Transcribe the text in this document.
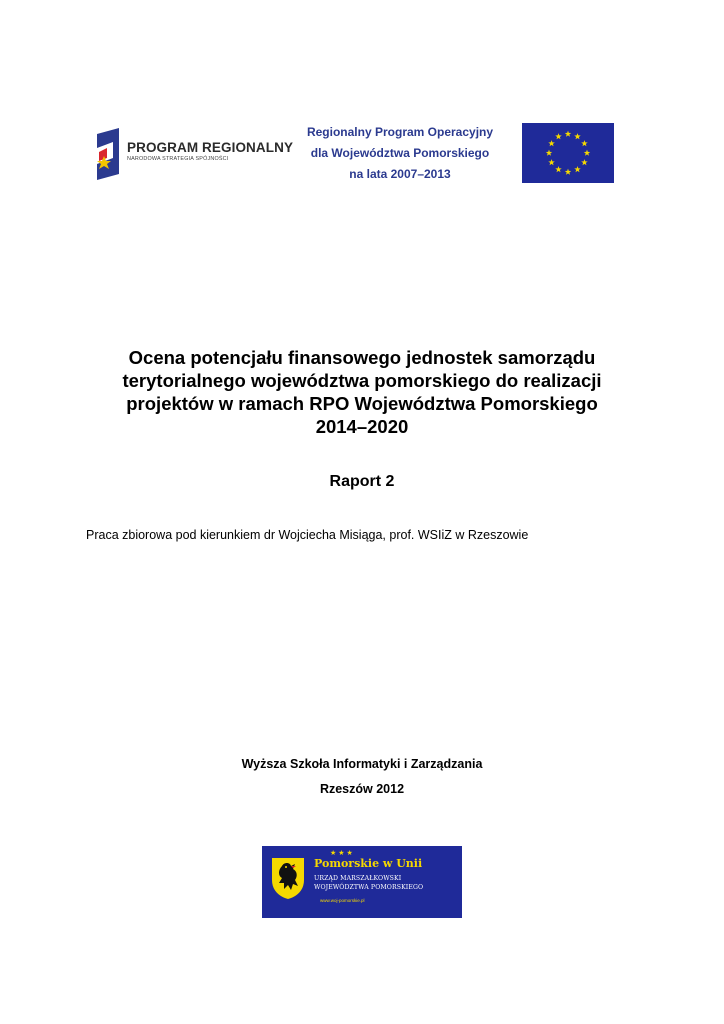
PROGRAM REGIONALNY
NARODOWA STRATEGIA SPÓJNOŚCI
Regionalny Program Operacyjny
dla Województwa Pomorskiego
na lata 2007–2013
Ocena potencjału finansowego jednostek samorządu
terytorialnego województwa pomorskiego do realizacji
projektów w ramach RPO Województwa Pomorskiego
2014–2020
Raport 2
Praca zbiorowa pod kierunkiem dr Wojciecha Misiąga, prof. WSIiZ w Rzeszowie
Wyższa Szkoła Informatyki i Zarządzania
Rzeszów 2012
★★★
Pomorskie w Unii
URZĄD MARSZAŁKOWSKI
WOJEWÓDZTWA POMORSKIEGO
www.woj-pomorskie.pl
